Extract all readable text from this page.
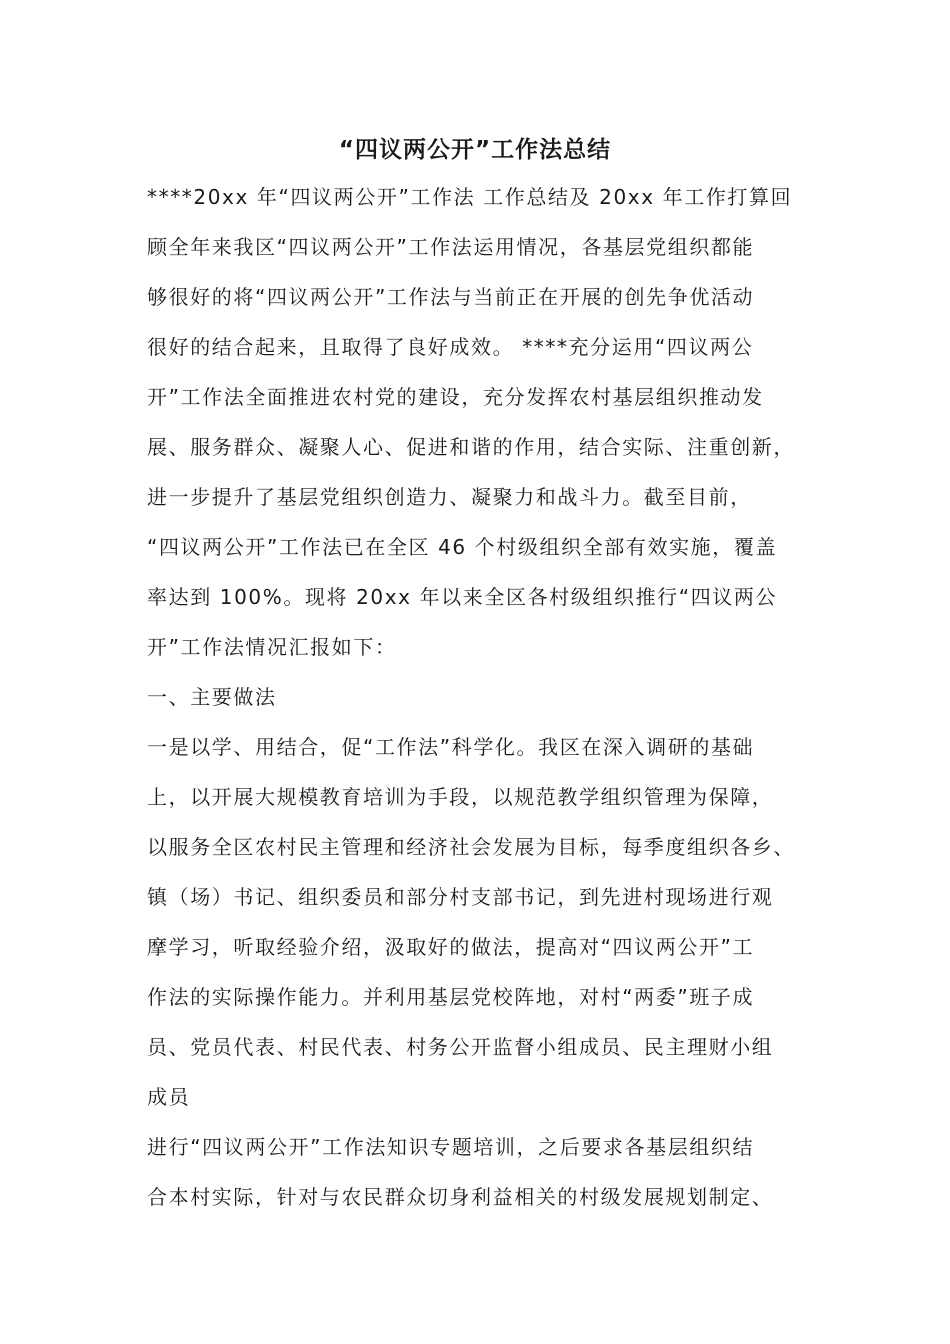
“四议两公开”工作法总结
****20xx 年“四议两公开”工作法 工作总结及 20xx 年工作打算回
顾全年来我区“四议两公开”工作法运用情况，各基层党组织都能
够很好的将“四议两公开”工作法与当前正在开展的创先争优活动
很好的结合起来，且取得了良好成效。 ****充分运用“四议两公
开”工作法全面推进农村党的建设，充分发挥农村基层组织推动发
展、服务群众、凝聚人心、促进和谐的作用，结合实际、注重创新，
进一步提升了基层党组织创造力、凝聚力和战斗力。截至目前，
“四议两公开”工作法已在全区 46 个村级组织全部有效实施，覆盖
率达到 100%。现将 20xx 年以来全区各村级组织推行“四议两公
开”工作法情况汇报如下：
一、主要做法
一是以学、用结合，促“工作法”科学化。我区在深入调研的基础
上，以开展大规模教育培训为手段，以规范教学组织管理为保障，
以服务全区农村民主管理和经济社会发展为目标，每季度组织各乡、
镇（场）书记、组织委员和部分村支部书记，到先进村现场进行观
摩学习，听取经验介绍，汲取好的做法，提高对“四议两公开”工
作法的实际操作能力。并利用基层党校阵地，对村“两委”班子成
员、党员代表、村民代表、村务公开监督小组成员、民主理财小组
成员
进行“四议两公开”工作法知识专题培训，之后要求各基层组织结
合本村实际，针对与农民群众切身利益相关的村级发展规划制定、
